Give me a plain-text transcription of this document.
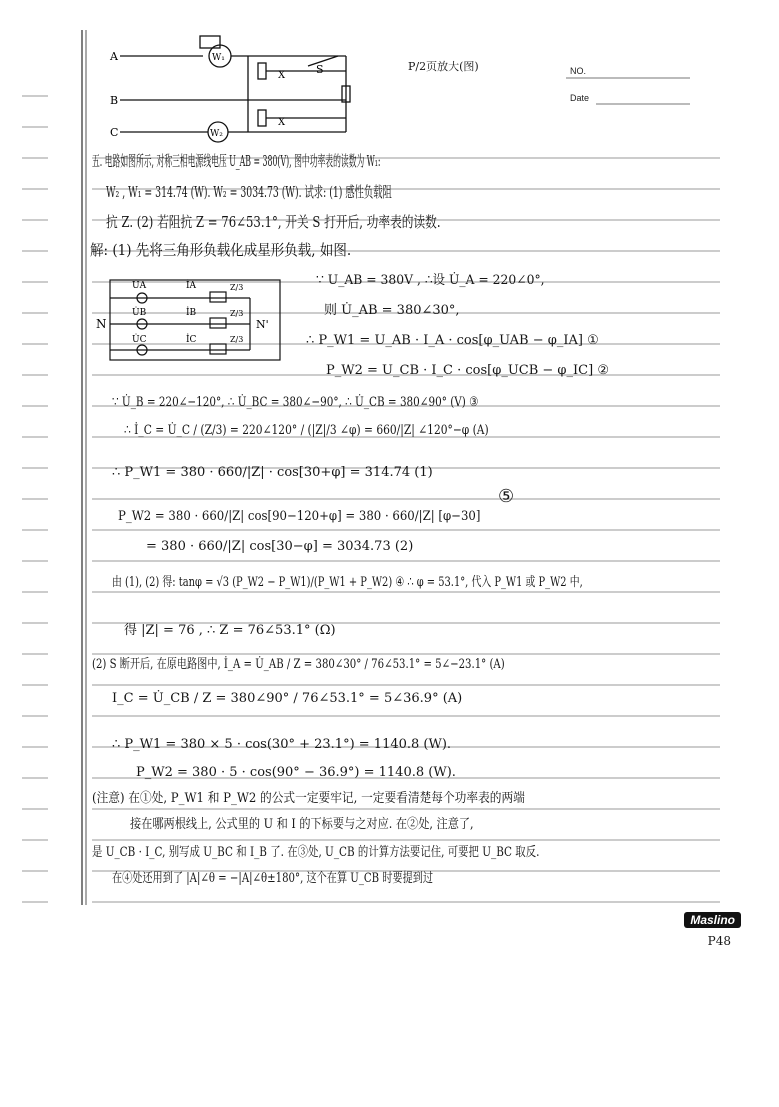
NO.
Date
P/2页放大(图)
A
B
C
W₁
W₂
X
X
S
五. 电路如图所示, 对称三相电源线电压 U_AB = 380(V), 图中功率表的读数为 W₁:
W₂ , W₁ = 314.74 (W). W₂ = 3034.73 (W). 试求: (1) 感性负载阻
抗 Z. (2) 若阻抗 Z = 76∠53.1°, 开关 S 打开后, 功率表的读数.
解: (1) 先将三角形负载化成星形负载, 如图.
U̇A
U̇B
U̇C
İA
İB
İC
Z/3
Z/3
Z/3
N	N'
∵ U_AB = 380V , ∴设 U̇_A = 220∠0°,
则 U̇_AB = 380∠30°,
∴ P_W1 = U_AB · I_A · cos[φ_UAB − φ_IA] ①
P_W2 = U_CB · I_C · cos[φ_UCB − φ_IC] ②
∵ U̇_B = 220∠−120°, ∴ U̇_BC = 380∠−90°, ∴ U̇_CB = 380∠90° (V) ③
∴ İ_C = U̇_C / (Z/3) = 220∠120° / (|Z|/3 ∠φ) = 660/|Z| ∠120°−φ (A)
∴ P_W1 = 380 · 660/|Z| · cos[30+φ] = 314.74 (1)
P_W2 = 380 · 660/|Z| cos[90−120+φ] = 380 · 660/|Z| [φ−30]
= 380 · 660/|Z| cos[30−φ] = 3034.73 (2)
由 (1), (2) 得: tanφ = √3 (P_W2 − P_W1)/(P_W1 + P_W2) ④ ∴ φ = 53.1°, 代入 P_W1 或 P_W2 中,
得 |Z| = 76 , ∴ Z = 76∠53.1° (Ω)
(2) S 断开后, 在原电路图中, İ_A = U̇_AB / Z = 380∠30° / 76∠53.1° = 5∠−23.1° (A)
I_C = U̇_CB / Z = 380∠90° / 76∠53.1° = 5∠36.9° (A)
∴ P_W1 = 380 × 5 · cos(30° + 23.1°) = 1140.8 (W).
P_W2 = 380 · 5 · cos(90° − 36.9°) = 1140.8 (W).
(注意) 在①处, P_W1 和 P_W2 的公式一定要牢记, 一定要看清楚每个功率表的两端
接在哪两根线上, 公式里的 U 和 I 的下标要与之对应. 在②处, 注意了,
是 U_CB · I_C, 别写成 U_BC 和 I_B 了. 在③处, U_CB 的计算方法要记住, 可要把 U_BC 取反.
在④处还用到了 |A|∠θ = −|A|∠θ±180°, 这个在算 U_CB 时要提到过
⑤
Maslino
P48
